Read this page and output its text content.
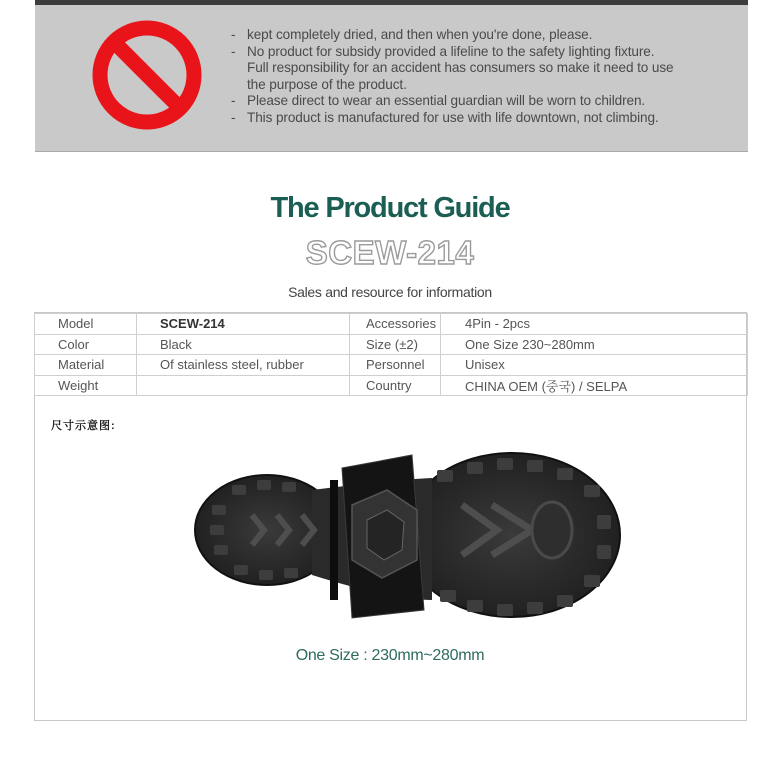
- kept completely dried, and then when you're done, please.
- No product for subsidy provided a lifeline to the safety lighting fixture.
Full responsibility for an accident has consumers so make it need to use
the purpose of the product.
- Please direct to wear an essential guardian will be worn to children.
- This product is manufactured for use with life downtown, not climbing.
The Product Guide
SCEW-214
Sales and resource for information
Model	SCEW-214	Accessories	4Pin - 2pcs
Color	Black	Size (±2)	One Size 230~280mm
Material	Of stainless steel, rubber	Personnel	Unisex
Weight		Country	CHINA OEM (중국) / SELPA
尺寸示意图:
One Size : 230mm~280mm
